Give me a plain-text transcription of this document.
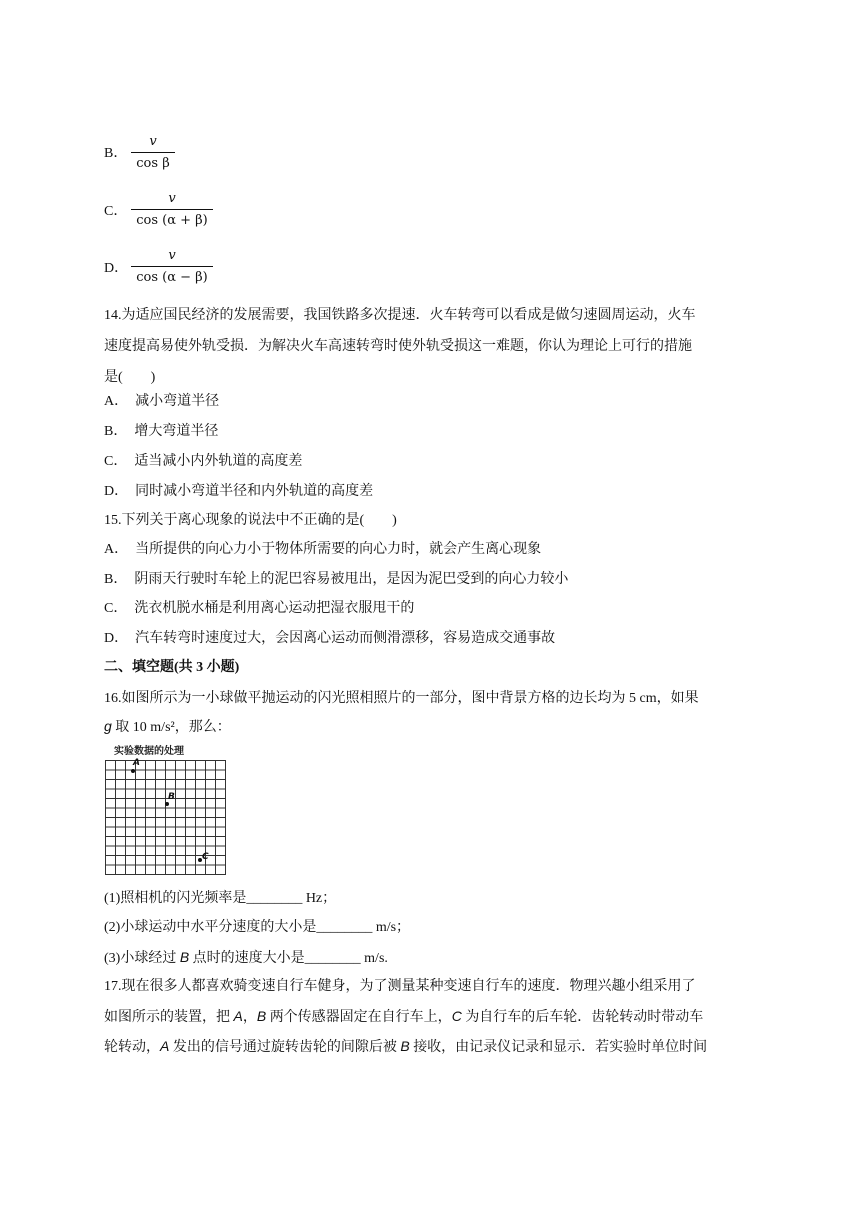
B．
v
cos β
C．
v
cos (α + β)
D．
v
cos (α − β)
14.为适应国民经济的发展需要，我国铁路多次提速．火车转弯可以看成是做匀速圆周运动，火车
速度提高易使外轨受损．为解决火车高速转弯时使外轨受损这一难题，你认为理论上可行的措施
是(　　)
A．　减小弯道半径
B．　增大弯道半径
C．　适当减小内外轨道的高度差
D．　同时减小弯道半径和内外轨道的高度差
15.下列关于离心现象的说法中不正确的是(　　)
A．　当所提供的向心力小于物体所需要的向心力时，就会产生离心现象
B．　阴雨天行驶时车轮上的泥巴容易被甩出，是因为泥巴受到的向心力较小
C．　洗衣机脱水桶是利用离心运动把湿衣服甩干的
D．　汽车转弯时速度过大，会因离心运动而侧滑漂移，容易造成交通事故
二、填空题(共 3 小题)
16.如图所示为一小球做平抛运动的闪光照相照片的一部分，图中背景方格的边长均为 5 cm，如果
g 取 10 m/s²，那么：
实验数据的处理
A
B
C
(1)照相机的闪光频率是________ Hz；
(2)小球运动中水平分速度的大小是________ m/s；
(3)小球经过 B 点时的速度大小是________ m/s.
17.现在很多人都喜欢骑变速自行车健身，为了测量某种变速自行车的速度．物理兴趣小组采用了
如图所示的装置，把 A，B 两个传感器固定在自行车上，C 为自行车的后车轮．齿轮转动时带动车
轮转动，A 发出的信号通过旋转齿轮的间隙后被 B 接收，由记录仪记录和显示．若实验时单位时间
